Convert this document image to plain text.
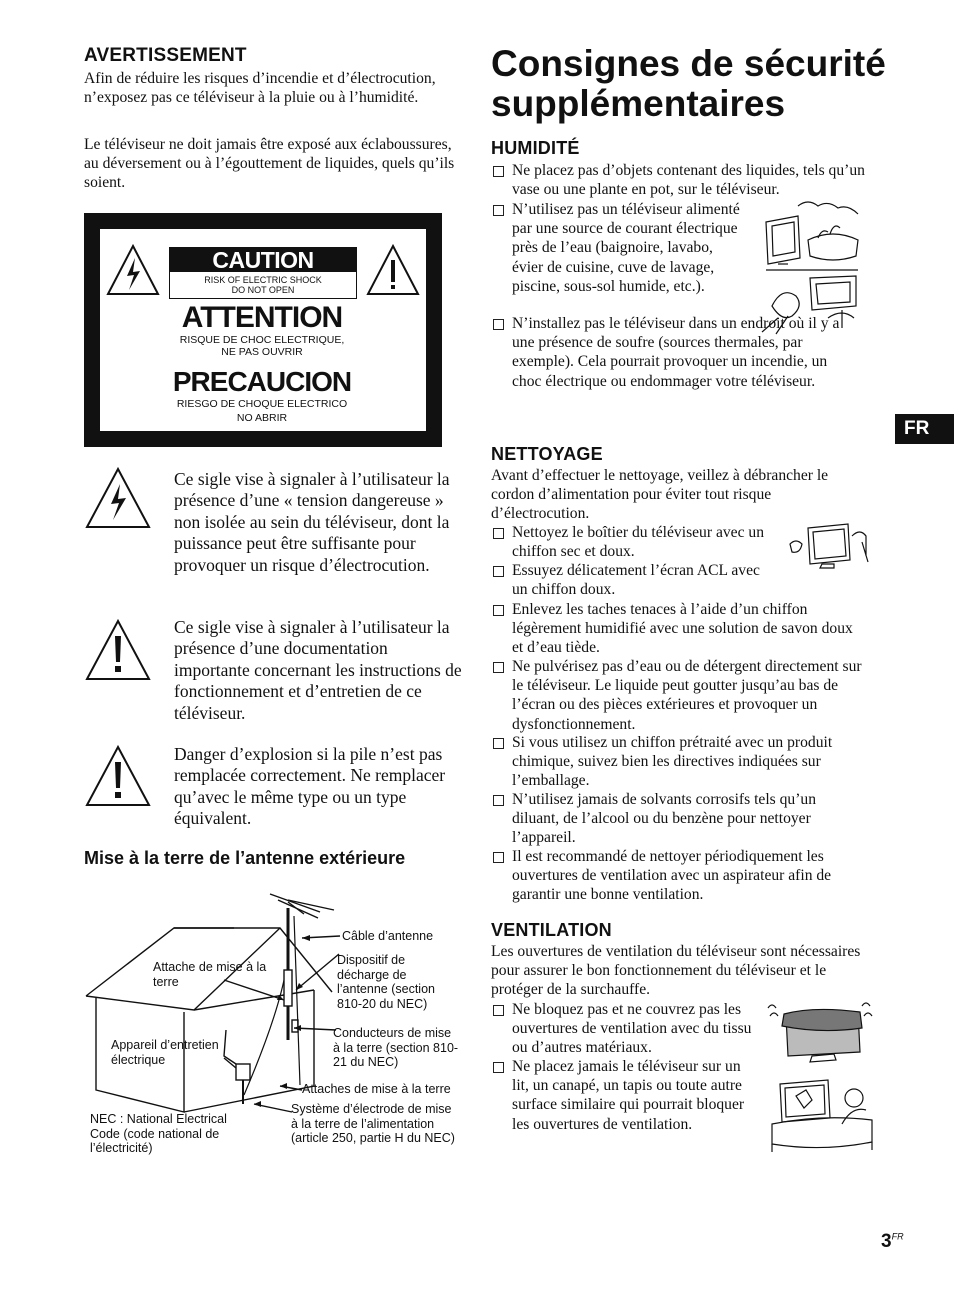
AVERTISSEMENT

Afin de réduire les risques d’incendie et d’électrocution, n’exposez pas ce téléviseur à la pluie ou à l’humidité.

Le téléviseur ne doit jamais être exposé aux éclaboussures, au déversement ou à l’égouttement de liquides, quels qu’ils soient.

CAUTION
RISK OF ELECTRIC SHOCK
DO NOT OPEN
ATTENTION
RISQUE DE CHOC ELECTRIQUE,
NE PAS OUVRIR
PRECAUCION
RIESGO DE CHOQUE ELECTRICO
NO ABRIR

Ce sigle vise à signaler à l’utilisateur la présence d’une « tension dangereuse » non isolée au sein du téléviseur, dont la puissance peut être suffisante pour provoquer un risque d’électrocution.

Ce sigle vise à signaler à l’utilisateur la présence d’une documentation importante concernant les instructions de fonctionnement et d’entretien de ce téléviseur.

Danger d’explosion si la pile n’est pas remplacée correctement. Ne remplacer qu’avec le même type ou un type équivalent.

Mise à la terre de l’antenne extérieure
Câble d’antenne
Dispositif de
décharge de
l’antenne (section
810-20 du NEC)
Attache de mise à la
terre
Appareil d’entretien
électrique
Conducteurs de mise
à la terre (section 810-
21 du NEC)
Attaches de mise à la terre
Système d’électrode de mise
à la terre de l’alimentation
(article 250, partie H du NEC)
NEC : National Electrical
Code (code national de
l’électricité)
Consignes de sécurité
supplémentaires
HUMIDITÉ
Ne placez pas d’objets contenant des liquides, tels qu’un vase ou une plante en pot, sur le téléviseur.
N’utilisez pas un téléviseur alimenté par une source de courant électrique près de l’eau (baignoire, lavabo, évier de cuisine, cuve de lavage, piscine, sous-sol humide, etc.).
N’installez pas le téléviseur dans un endroit où il y a une présence de soufre (sources thermales, par exemple). Cela pourrait provoquer un incendie, un choc électrique ou endommager votre téléviseur.
NETTOYAGE

Avant d’effectuer le nettoyage, veillez à débrancher le cordon d’alimentation pour éviter tout risque d’électrocution.

Nettoyez le boîtier du téléviseur avec un chiffon sec et doux.
Essuyez délicatement l’écran ACL avec un chiffon doux.
Enlevez les taches tenaces à l’aide d’un chiffon légèrement humidifié avec une solution de savon doux et d’eau tiède.
Ne pulvérisez pas d’eau ou de détergent directement sur le téléviseur. Le liquide peut goutter jusqu’au bas de l’écran ou des pièces extérieures et provoquer un dysfonctionnement.
Si vous utilisez un chiffon prétraité avec un produit chimique, suivez bien les directives indiquées sur l’emballage.
N’utilisez jamais de solvants corrosifs tels qu’un diluant, de l’alcool ou du benzène pour nettoyer l’appareil.
Il est recommandé de nettoyer périodiquement les ouvertures de ventilation avec un aspirateur afin de garantir une bonne ventilation.
VENTILATION

Les ouvertures de ventilation du téléviseur sont nécessaires pour assurer le bon fonctionnement du téléviseur et le protéger de la surchauffe.

Ne bloquez pas et ne couvrez pas les ouvertures de ventilation avec du tissu ou d’autres matériaux.
Ne placez jamais le téléviseur sur un lit, un canapé, un tapis ou toute autre surface similaire qui pourrait bloquer les ouvertures de ventilation.
FR
$3^{FR}$
